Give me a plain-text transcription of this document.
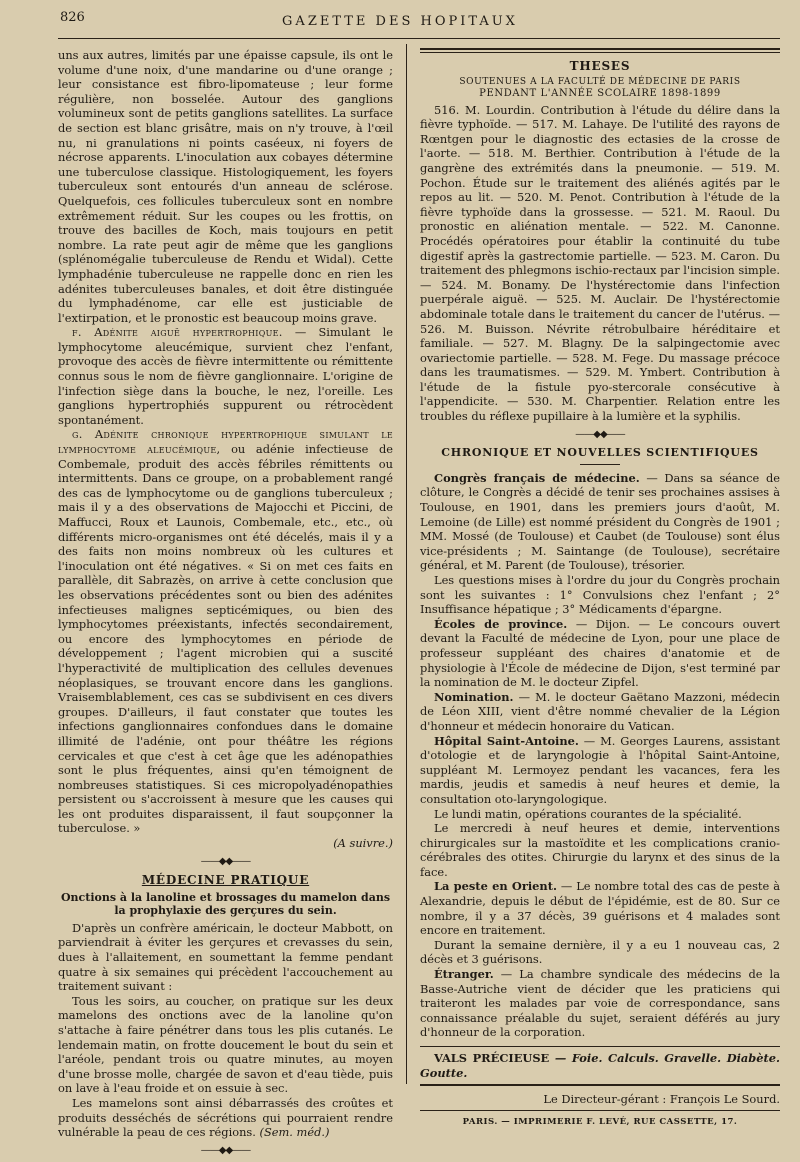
826	GAZETTE DES HOPITAUX

uns aux autres, limités par une épaisse capsule, ils ont le volume d'une noix, d'une mandarine ou d'une orange ; leur consistance est fibro-lipomateuse ; leur forme régulière, non bosselée. Autour des ganglions volumineux sont de petits ganglions satellites. La surface de section est blanc grisâtre, mais on n'y trouve, à l'œil nu, ni granulations ni points caséeux, ni foyers de nécrose apparents. L'inoculation aux cobayes détermine une tuberculose classique. Histologiquement, les foyers tuberculeux sont entourés d'un anneau de sclérose. Quelquefois, ces follicules tuberculeux sont en nombre extrêmement réduit. Sur les coupes ou les frottis, on trouve des bacilles de Koch, mais toujours en petit nombre. La rate peut agir de même que les ganglions (splénomégalie tuberculeuse de Rendu et Widal). Cette lymphadénie tuberculeuse ne rappelle donc en rien les adénites tuberculeuses banales, et doit être distinguée du lymphadénome, car elle est justiciable de l'extirpation, et le pronostic est beaucoup moins grave.

f. Adénite aiguë hypertrophique. — Simulant le lymphocytome aleucémique, survient chez l'enfant, provoque des accès de fièvre intermittente ou rémittente connus sous le nom de fièvre ganglionnaire. L'origine de l'infection siège dans la bouche, le nez, l'oreille. Les ganglions hypertrophiés suppurent ou rétrocèdent spontanément.

g. Adénite chronique hypertrophique simulant le lymphocytome aleucémique, ou adénie infectieuse de Combemale, produit des accès fébriles rémittents ou intermittents. Dans ce groupe, on a probablement rangé des cas de lymphocytome ou de ganglions tuberculeux ; mais il y a des observations de Majocchi et Piccini, de Maffucci, Roux et Launois, Combemale, etc., etc., où différents micro-organismes ont été décelés, mais il y a des faits non moins nombreux où les cultures et l'inoculation ont été négatives. « Si on met ces faits en parallèle, dit Sabrazès, on arrive à cette conclusion que les observations précédentes sont ou bien des adénites infectieuses malignes septicémiques, ou bien des lymphocytomes préexistants, infectés secondairement, ou encore des lymphocytomes en période de développement ; l'agent microbien qui a suscité l'hyperactivité de multiplication des cellules devenues néoplasiques, se trouvant encore dans les ganglions. Vraisemblablement, ces cas se subdivisent en ces divers groupes. D'ailleurs, il faut constater que toutes les infections ganglionnaires confondues dans le domaine illimité de l'adénie, ont pour théâtre les régions cervicales et que c'est à cet âge que les adénopathies sont le plus fréquentes, ainsi qu'en témoignent de nombreuses statistiques. Si ces micropolyadénopathies persistent ou s'accroissent à mesure que les causes qui les ont produites disparaissent, il faut soupçonner la tuberculose. »

(A suivre.)
——◆◆——
MÉDECINE PRATIQUE
Onctions à la lanoline et brossages du mamelon dans la prophylaxie des gerçures du sein.

D'après un confrère américain, le docteur Mabbott, on parviendrait à éviter les gerçures et crevasses du sein, dues à l'allaitement, en soumettant la femme pendant quatre à six semaines qui précèdent l'accouchement au traitement suivant :

Tous les soirs, au coucher, on pratique sur les deux mamelons des onctions avec de la lanoline qu'on s'attache à faire pénétrer dans tous les plis cutanés. Le lendemain matin, on frotte doucement le bout du sein et l'aréole, pendant trois ou quatre minutes, au moyen d'une brosse molle, chargée de savon et d'eau tiède, puis on lave à l'eau froide et on essuie à sec.

Les mamelons sont ainsi débarrassés des croûtes et produits desséchés de sécrétions qui pourraient rendre vulnérable la peau de ces régions. (Sem. méd.)

——◆◆——
THESES
SOUTENUES A LA FACULTÉ DE MÉDECINE DE PARIS
PENDANT L'ANNÉE SCOLAIRE 1898-1899

516. M. Lourdin. Contribution à l'étude du délire dans la fièvre typhoïde. — 517. M. Lahaye. De l'utilité des rayons de Rœntgen pour le diagnostic des ectasies de la crosse de l'aorte. — 518. M. Berthier. Contribution à l'étude de la gangrène des extrémités dans la pneumonie. — 519. M. Pochon. Étude sur le traitement des aliénés agités par le repos au lit. — 520. M. Penot. Contribution à l'étude de la fièvre typhoïde dans la grossesse. — 521. M. Raoul. Du pronostic en aliénation mentale. — 522. M. Canonne. Procédés opératoires pour établir la continuité du tube digestif après la gastrectomie partielle. — 523. M. Caron. Du traitement des phlegmons ischio-rectaux par l'incision simple. — 524. M. Bonamy. De l'hystérectomie dans l'infection puerpérale aiguë. — 525. M. Auclair. De l'hystérectomie abdominale totale dans le traitement du cancer de l'utérus. — 526. M. Buisson. Névrite rétrobulbaire héréditaire et familiale. — 527. M. Blagny. De la salpingectomie avec ovariectomie partielle. — 528. M. Fege. Du massage précoce dans les traumatismes. — 529. M. Ymbert. Contribution à l'étude de la fistule pyo-stercorale consécutive à l'appendicite. — 530. M. Charpentier. Relation entre les troubles du réflexe pupillaire à la lumière et la syphilis.

——◆◆——
CHRONIQUE ET NOUVELLES SCIENTIFIQUES

Congrès français de médecine. — Dans sa séance de clôture, le Congrès a décidé de tenir ses prochaines assises à Toulouse, en 1901, dans les premiers jours d'août, M. Lemoine (de Lille) est nommé président du Congrès de 1901 ; MM. Mossé (de Toulouse) et Caubet (de Toulouse) sont élus vice-présidents ; M. Saintange (de Toulouse), secrétaire général, et M. Parent (de Toulouse), trésorier.

Les questions mises à l'ordre du jour du Congrès prochain sont les suivantes : 1° Convulsions chez l'enfant ; 2° Insuffisance hépatique ; 3° Médicaments d'épargne.

Écoles de province. — Dijon. — Le concours ouvert devant la Faculté de médecine de Lyon, pour une place de professeur suppléant des chaires d'anatomie et de physiologie à l'École de médecine de Dijon, s'est terminé par la nomination de M. le docteur Zipfel.

Nomination. — M. le docteur Gaëtano Mazzoni, médecin de Léon XIII, vient d'être nommé chevalier de la Légion d'honneur et médecin honoraire du Vatican.

Hôpital Saint-Antoine. — M. Georges Laurens, assistant d'otologie et de laryngologie à l'hôpital Saint-Antoine, suppléant M. Lermoyez pendant les vacances, fera les mardis, jeudis et samedis à neuf heures et demie, la consultation oto-laryngologique.

Le lundi matin, opérations courantes de la spécialité.

Le mercredi à neuf heures et demie, interventions chirurgicales sur la mastoïdite et les complications cranio-cérébrales des otites. Chirurgie du larynx et des sinus de la face.

La peste en Orient. — Le nombre total des cas de peste à Alexandrie, depuis le début de l'épidémie, est de 80. Sur ce nombre, il y a 37 décès, 39 guérisons et 4 malades sont encore en traitement.

Durant la semaine dernière, il y a eu 1 nouveau cas, 2 décès et 3 guérisons.

Étranger. — La chambre syndicale des médecins de la Basse-Autriche vient de décider que les praticiens qui traiteront les malades par voie de correspondance, sans connaissance préalable du sujet, seraient déférés au jury d'honneur de la corporation.

VALS PRÉCIEUSE — Foie. Calculs. Gravelle. Diabète. Goutte.

Le Directeur-gérant : François Le Sourd.
PARIS. — IMPRIMERIE F. LEVÉ, RUE CASSETTE, 17.
